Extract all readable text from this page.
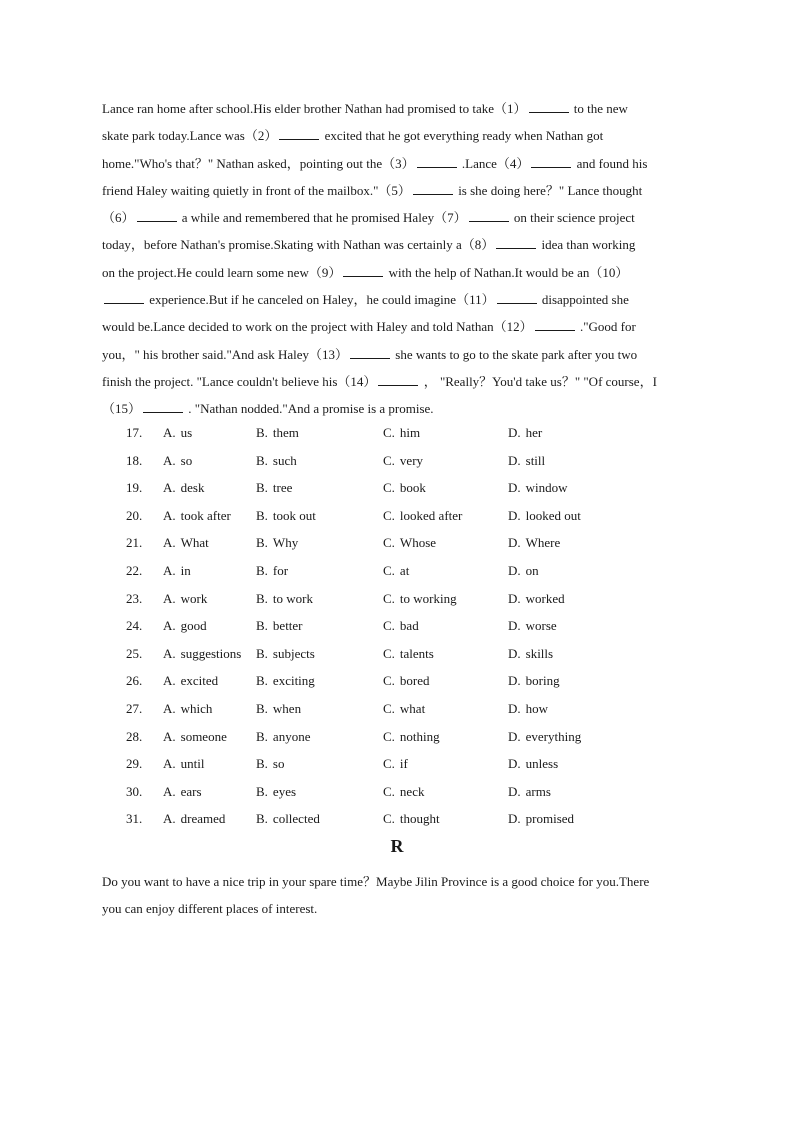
Lance ran home after school.His elder brother Nathan had promised to take（1）	to the new
skate park today.Lance was（2）	excited that he got everything ready when Nathan got
home."Who's that？" Nathan asked，pointing out the（3）	.Lance（4）	and found his
friend Haley waiting quietly in front of the mailbox."（5）	is she doing here？" Lance thought
（6）	a while and remembered that he promised Haley（7）	on their science project
today，before Nathan's promise.Skating with Nathan was certainly a（8）	idea than working
on the project.He could learn some new（9）	with the help of Nathan.It would be an（10）
experience.But if he canceled on Haley，he could imagine（11）	disappointed she
would be.Lance decided to work on the project with Haley and told Nathan（12）	."Good for
you，" his brother said."And ask Haley（13）	she wants to go to the skate park after you two
finish the project. "Lance couldn't believe his（14）	， "Really？You'd take us？" "Of course，I
（15）	. "Nathan nodded."And a promise is a promise.
17. A. us	B. them	C. him	D. her
18. A. so	B. such	C. very	D. still
19. A. desk	B. tree	C. book	D. window
20. A. took after B. took out	C. looked after	D. looked out
21. A. What	B. Why	C. Whose	D. Where
22. A. in	B. for	C. at	D. on
23. A. work	B. to work	C. to working	D. worked
24. A. good	B. better	C. bad	D. worse
25. A. suggestions B. subjects	C. talents	D. skills
26. A. excited	B. exciting	C. bored	D. boring
27. A. which	B. when	C. what	D. how
28. A. someone B. anyone	C. nothing	D. everything
29. A. until	B. so	C. if	D. unless
30. A. ears	B. eyes	C. neck	D. arms
31. A. dreamed B. collected	C. thought	D. promised
R
Do you want to have a nice trip in your spare time？Maybe Jilin Province is a good choice for you.There
you can enjoy different places of interest.
